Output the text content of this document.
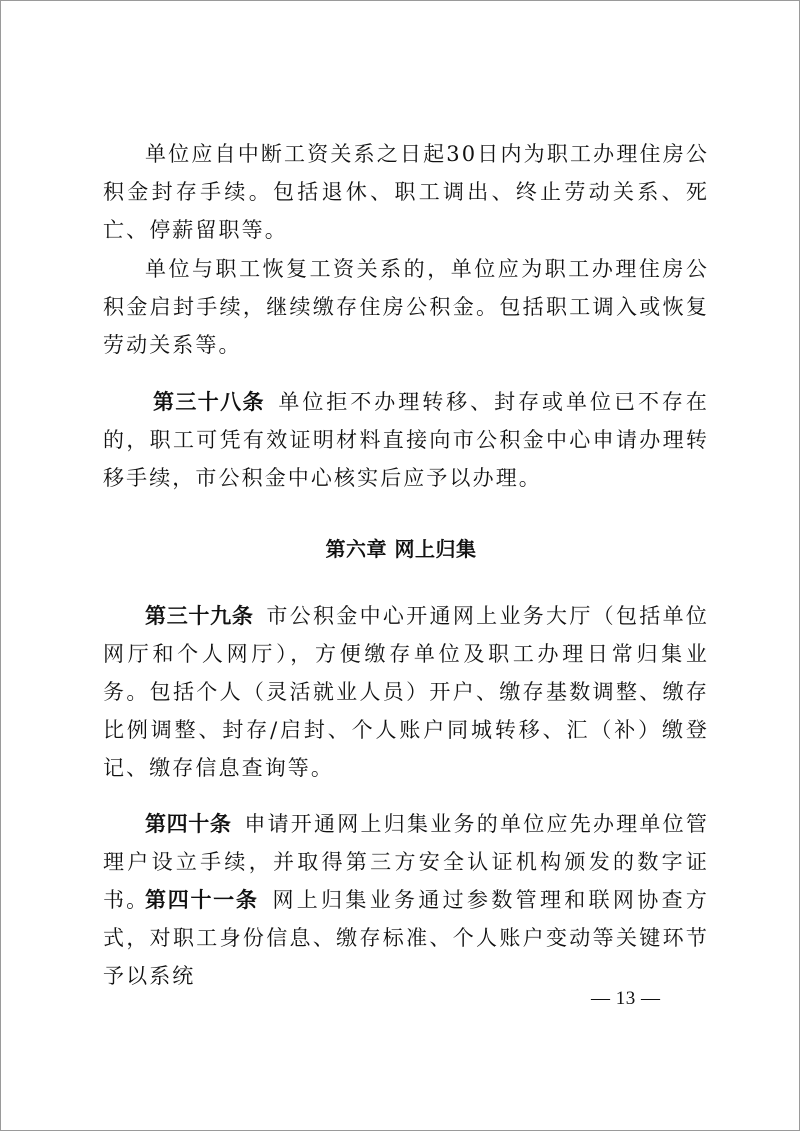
单位应自中断工资关系之日起30日内为职工办理住房公积金封存手续。包括退休、职工调出、终止劳动关系、死亡、停薪留职等。

单位与职工恢复工资关系的，单位应为职工办理住房公积金启封手续，继续缴存住房公积金。包括职工调入或恢复劳动关系等。

第三十八条  单位拒不办理转移、封存或单位已不存在的，职工可凭有效证明材料直接向市公积金中心申请办理转移手续，市公积金中心核实后应予以办理。

第六章 网上归集

第三十九条  市公积金中心开通网上业务大厅（包括单位网厅和个人网厅），方便缴存单位及职工办理日常归集业务。包括个人（灵活就业人员）开户、缴存基数调整、缴存比例调整、封存/启封、个人账户同城转移、汇（补）缴登记、缴存信息查询等。

第四十条  申请开通网上归集业务的单位应先办理单位管理户设立手续，并取得第三方安全认证机构颁发的数字证书。

第四十一条  网上归集业务通过参数管理和联网协查方式，对职工身份信息、缴存标准、个人账户变动等关键环节予以系统

— 13 —
